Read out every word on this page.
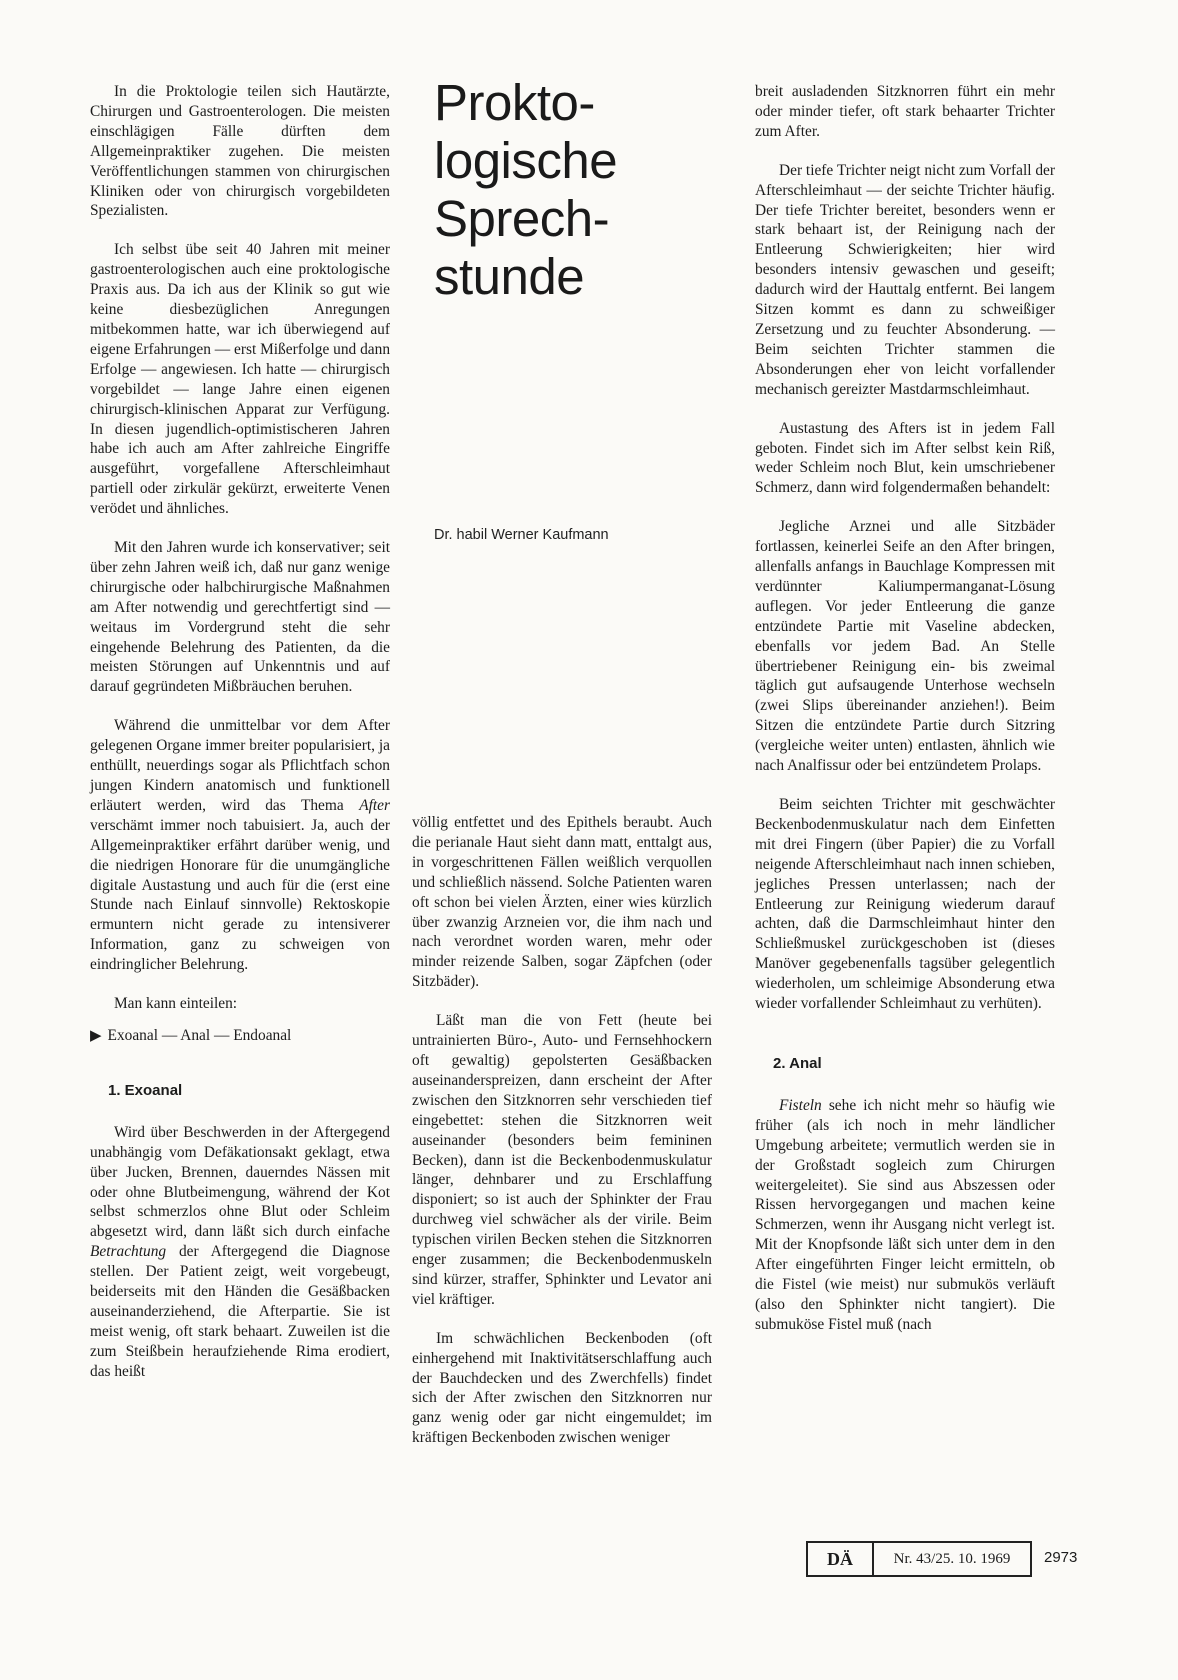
Prokto-
logische
Sprech-
stunde
Dr. habil Werner Kaufmann

In die Proktologie teilen sich Hautärzte, Chirurgen und Gastroenterologen. Die meisten einschlägigen Fälle dürften dem Allgemeinpraktiker zugehen. Die meisten Veröffentlichungen stammen von chirurgischen Kliniken oder von chirurgisch vorgebildeten Spezialisten.

Ich selbst übe seit 40 Jahren mit meiner gastroenterologischen auch eine proktologische Praxis aus. Da ich aus der Klinik so gut wie keine diesbezüglichen Anregungen mitbekommen hatte, war ich überwiegend auf eigene Erfahrungen — erst Mißerfolge und dann Erfolge — angewiesen. Ich hatte — chirurgisch vorgebildet — lange Jahre einen eigenen chirurgisch-klinischen Apparat zur Verfügung. In diesen jugendlich-optimistischeren Jahren habe ich auch am After zahlreiche Eingriffe ausgeführt, vorgefallene Afterschleimhaut partiell oder zirkulär gekürzt, erweiterte Venen verödet und ähnliches.

Mit den Jahren wurde ich konservativer; seit über zehn Jahren weiß ich, daß nur ganz wenige chirurgische oder halbchirurgische Maßnahmen am After notwendig und gerechtfertigt sind — weitaus im Vordergrund steht die sehr eingehende Belehrung des Patienten, da die meisten Störungen auf Unkenntnis und auf darauf gegründeten Mißbräuchen beruhen.

Während die unmittelbar vor dem After gelegenen Organe immer breiter popularisiert, ja enthüllt, neuerdings sogar als Pflichtfach schon jungen Kindern anatomisch und funktionell erläutert werden, wird das Thema After verschämt immer noch tabuisiert. Ja, auch der Allgemeinpraktiker erfährt darüber wenig, und die niedrigen Honorare für die unumgängliche digitale Austastung und auch für die (erst eine Stunde nach Einlauf sinnvolle) Rektoskopie ermuntern nicht gerade zu intensiverer Information, ganz zu schweigen von eindringlicher Belehrung.

Man kann einteilen:

▶ Exoanal — Anal — Endoanal

1. Exoanal

Wird über Beschwerden in der Aftergegend unabhängig vom Defäkationsakt geklagt, etwa über Jucken, Brennen, dauerndes Nässen mit oder ohne Blutbeimengung, während der Kot selbst schmerzlos ohne Blut oder Schleim abgesetzt wird, dann läßt sich durch einfache Betrachtung der Aftergegend die Diagnose stellen. Der Patient zeigt, weit vorgebeugt, beiderseits mit den Händen die Gesäßbacken auseinanderziehend, die Afterpartie. Sie ist meist wenig, oft stark behaart. Zuweilen ist die zum Steißbein heraufziehende Rima erodiert, das heißt

völlig entfettet und des Epithels beraubt. Auch die perianale Haut sieht dann matt, enttalgt aus, in vorgeschrittenen Fällen weißlich verquollen und schließlich nässend. Solche Patienten waren oft schon bei vielen Ärzten, einer wies kürzlich über zwanzig Arzneien vor, die ihm nach und nach verordnet worden waren, mehr oder minder reizende Salben, sogar Zäpfchen (oder Sitzbäder).

Läßt man die von Fett (heute bei untrainierten Büro-, Auto- und Fernsehhockern oft gewaltig) gepolsterten Gesäßbacken auseinanderspreizen, dann erscheint der After zwischen den Sitzknorren sehr verschieden tief eingebettet: stehen die Sitzknorren weit auseinander (besonders beim femininen Becken), dann ist die Beckenbodenmuskulatur länger, dehnbarer und zu Erschlaffung disponiert; so ist auch der Sphinkter der Frau durchweg viel schwächer als der virile. Beim typischen virilen Becken stehen die Sitzknorren enger zusammen; die Beckenbodenmuskeln sind kürzer, straffer, Sphinkter und Levator ani viel kräftiger.

Im schwächlichen Beckenboden (oft einhergehend mit Inaktivitätserschlaffung auch der Bauchdecken und des Zwerchfells) findet sich der After zwischen den Sitzknorren nur ganz wenig oder gar nicht eingemuldet; im kräftigen Beckenboden zwischen weniger

breit ausladenden Sitzknorren führt ein mehr oder minder tiefer, oft stark behaarter Trichter zum After.

Der tiefe Trichter neigt nicht zum Vorfall der Afterschleimhaut — der seichte Trichter häufig. Der tiefe Trichter bereitet, besonders wenn er stark behaart ist, der Reinigung nach der Entleerung Schwierigkeiten; hier wird besonders intensiv gewaschen und geseift; dadurch wird der Hauttalg entfernt. Bei langem Sitzen kommt es dann zu schweißiger Zersetzung und zu feuchter Absonderung. — Beim seichten Trichter stammen die Absonderungen eher von leicht vorfallender mechanisch gereizter Mastdarmschleimhaut.

Austastung des Afters ist in jedem Fall geboten. Findet sich im After selbst kein Riß, weder Schleim noch Blut, kein umschriebener Schmerz, dann wird folgendermaßen behandelt:

Jegliche Arznei und alle Sitzbäder fortlassen, keinerlei Seife an den After bringen, allenfalls anfangs in Bauchlage Kompressen mit verdünnter Kaliumpermanganat-Lösung auflegen. Vor jeder Entleerung die ganze entzündete Partie mit Vaseline abdecken, ebenfalls vor jedem Bad. An Stelle übertriebener Reinigung ein- bis zweimal täglich gut aufsaugende Unterhose wechseln (zwei Slips übereinander anziehen!). Beim Sitzen die entzündete Partie durch Sitzring (vergleiche weiter unten) entlasten, ähnlich wie nach Analfissur oder bei entzündetem Prolaps.

Beim seichten Trichter mit geschwächter Beckenbodenmuskulatur nach dem Einfetten mit drei Fingern (über Papier) die zu Vorfall neigende Afterschleimhaut nach innen schieben, jegliches Pressen unterlassen; nach der Entleerung zur Reinigung wiederum darauf achten, daß die Darmschleimhaut hinter den Schließmuskel zurückgeschoben ist (dieses Manöver gegebenenfalls tagsüber gelegentlich wiederholen, um schleimige Absonderung etwa wieder vorfallender Schleimhaut zu verhüten).

2. Anal

Fisteln sehe ich nicht mehr so häufig wie früher (als ich noch in mehr ländlicher Umgebung arbeitete; vermutlich werden sie in der Großstadt sogleich zum Chirurgen weitergeleitet). Sie sind aus Abszessen oder Rissen hervorgegangen und machen keine Schmerzen, wenn ihr Ausgang nicht verlegt ist. Mit der Knopfsonde läßt sich unter dem in den After eingeführten Finger leicht ermitteln, ob die Fistel (wie meist) nur submukös verläuft (also den Sphinkter nicht tangiert). Die submuköse Fistel muß (nach

DÄ	Nr. 43/25. 10. 1969	2973
